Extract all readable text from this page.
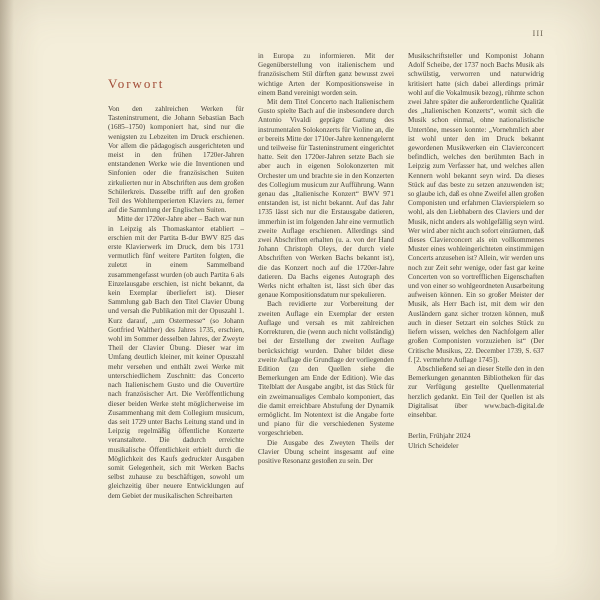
III
Vorwort

Von den zahlreichen Werken für Tasteninstrument, die Johann Sebastian Bach (1685–1750) komponiert hat, sind nur die wenigsten zu Lebzeiten im Druck erschienen. Vor allem die pädagogisch ausgerichteten und meist in den frühen 1720er-Jahren entstandenen Werke wie die Inventionen und Sinfonien oder die französischen Suiten zirkulierten nur in Abschriften aus dem großen Schülerkreis. Dasselbe trifft auf den großen Teil des Wohltemperierten Klaviers zu, ferner auf die Sammlung der Englischen Suiten.

Mitte der 1720er-Jahre aber – Bach war nun in Leipzig als Thomaskantor etabliert – erschien mit der Partita B-dur BWV 825 das erste Klavierwerk im Druck, dem bis 1731 vermutlich fünf weitere Partiten folgten, die zuletzt in einem Sammelband zusammengefasst wurden (ob auch Partita 6 als Einzelausgabe erschien, ist nicht bekannt, da kein Exemplar überliefert ist). Dieser Sammlung gab Bach den Titel Clavier Übung und versah die Publikation mit der Opuszahl 1. Kurz darauf, „um Ostermesse“ (so Johann Gottfried Walther) des Jahres 1735, erschien, wohl im Sommer desselben Jahres, der Zweyte Theil der Clavier Übung. Dieser war im Umfang deutlich kleiner, mit keiner Opuszahl mehr versehen und enthält zwei Werke mit unterschiedlichem Zuschnitt: das Concerto nach Italienischem Gusto und die Ouvertüre nach französischer Art. Die Veröffentlichung dieser beiden Werke steht möglicherweise im Zusammenhang mit dem Collegium musicum, das seit 1729 unter Bachs Leitung stand und in Leipzig regelmäßig öffentliche Konzerte veranstaltete. Die dadurch erreichte musikalische Öffentlichkeit erhielt durch die Möglichkeit des Kaufs gedruckter Ausgaben somit Gelegenheit, sich mit Werken Bachs selbst zuhause zu beschäftigen, sowohl um gleichzeitig über neuere Entwicklungen auf dem Gebiet der musikalischen Schreibarten

in Europa zu informieren. Mit der Gegenüberstellung von italienischem und französischem Stil dürften ganz bewusst zwei wichtige Arten der Kompositionsweise in einem Band vereinigt worden sein.

Mit dem Titel Concerto nach Italienischem Gusto spielte Bach auf die insbesondere durch Antonio Vivaldi geprägte Gattung des instrumentalen Solokonzerts für Violine an, die er bereits Mitte der 1710er-Jahre kennengelernt und teilweise für Tasteninstrument eingerichtet hatte. Seit den 1720er-Jahren setzte Bach sie aber auch in eigenen Solokonzerten mit Orchester um und brachte sie in den Konzerten des Collegium musicum zur Aufführung. Wann genau das „Italienische Konzert“ BWV 971 entstanden ist, ist nicht bekannt. Auf das Jahr 1735 lässt sich nur die Erstausgabe datieren, immerhin ist im folgenden Jahr eine vermutlich zweite Auflage erschienen. Allerdings sind zwei Abschriften erhalten (u. a. von der Hand Johann Christoph Oleys, der durch viele Abschriften von Werken Bachs bekannt ist), die das Konzert noch auf die 1720er-Jahre datieren. Da Bachs eigenes Autograph des Werks nicht erhalten ist, lässt sich über das genaue Kompositionsdatum nur spekulieren.

Bach revidierte zur Vorbereitung der zweiten Auflage ein Exemplar der ersten Auflage und versah es mit zahlreichen Korrekturen, die (wenn auch nicht vollständig) bei der Erstellung der zweiten Auflage berücksichtigt wurden. Daher bildet diese zweite Auflage die Grundlage der vorliegenden Edition (zu den Quellen siehe die Bemerkungen am Ende der Edition). Wie das Titelblatt der Ausgabe angibt, ist das Stück für ein zweimanualiges Cembalo komponiert, das die damit erreichbare Abstufung der Dynamik ermöglicht. Im Notentext ist die Angabe forte und piano für die verschiedenen Systeme vorgeschrieben.

Die Ausgabe des Zweyten Theils der Clavier Übung scheint insgesamt auf eine positive Resonanz gestoßen zu sein. Der

Musikschriftsteller und Komponist Johann Adolf Scheibe, der 1737 noch Bachs Musik als schwülstig, verworren und naturwidrig kritisiert hatte (sich dabei allerdings primär wohl auf die Vokalmusik bezog), rühmte schon zwei Jahre später die außerordentliche Qualität des „Italienischen Konzerts“, womit sich die Musik schon einmal, ohne nationalistische Untertöne, messen konnte: „Vornehmlich aber ist wohl unter den im Druck bekannt gewordenen Musikwerken ein Clavierconcert befindlich, welches den berühmten Bach in Leipzig zum Verfasser hat, und welches allen Kennern wohl bekannt seyn wird. Da dieses Stück auf das beste zu setzen anzuwenden ist; so glaube ich, daß es ohne Zweifel allen großen Componisten und erfahrnen Clavierspielern so wohl, als den Liebhabern des Claviers und der Musik, nicht anders als wohlgefällig seyn wird. Wer wird aber nicht auch sofort einräumen, daß dieses Clavierconcert als ein vollkommenes Muster eines wohleingerichteten einstimmigen Concerts anzusehen ist? Allein, wir werden uns noch zur Zeit sehr wenige, oder fast gar keine Concerten von so vortrefflichen Eigenschaften und von einer so wohlgeordneten Ausarbeitung aufweisen können. Ein so großer Meister der Musik, als Herr Bach ist, mit dem wir den Ausländern ganz sicher trotzen können, muß auch in dieser Setzart ein solches Stück zu liefern wissen, welches den Nachfolgern aller großen Componisten vorzuziehen ist“ (Der Critische Musikus, 22. December 1739, S. 637 f. [2. vermehrte Auflage 1745]).

Abschließend sei an dieser Stelle den in den Bemerkungen genannten Bibliotheken für das zur Verfügung gestellte Quellenmaterial herzlich gedankt. Ein Teil der Quellen ist als Digitalisat über www.bach-digital.de einsehbar.

Berlin, Frühjahr 2024
Ulrich Scheideler
